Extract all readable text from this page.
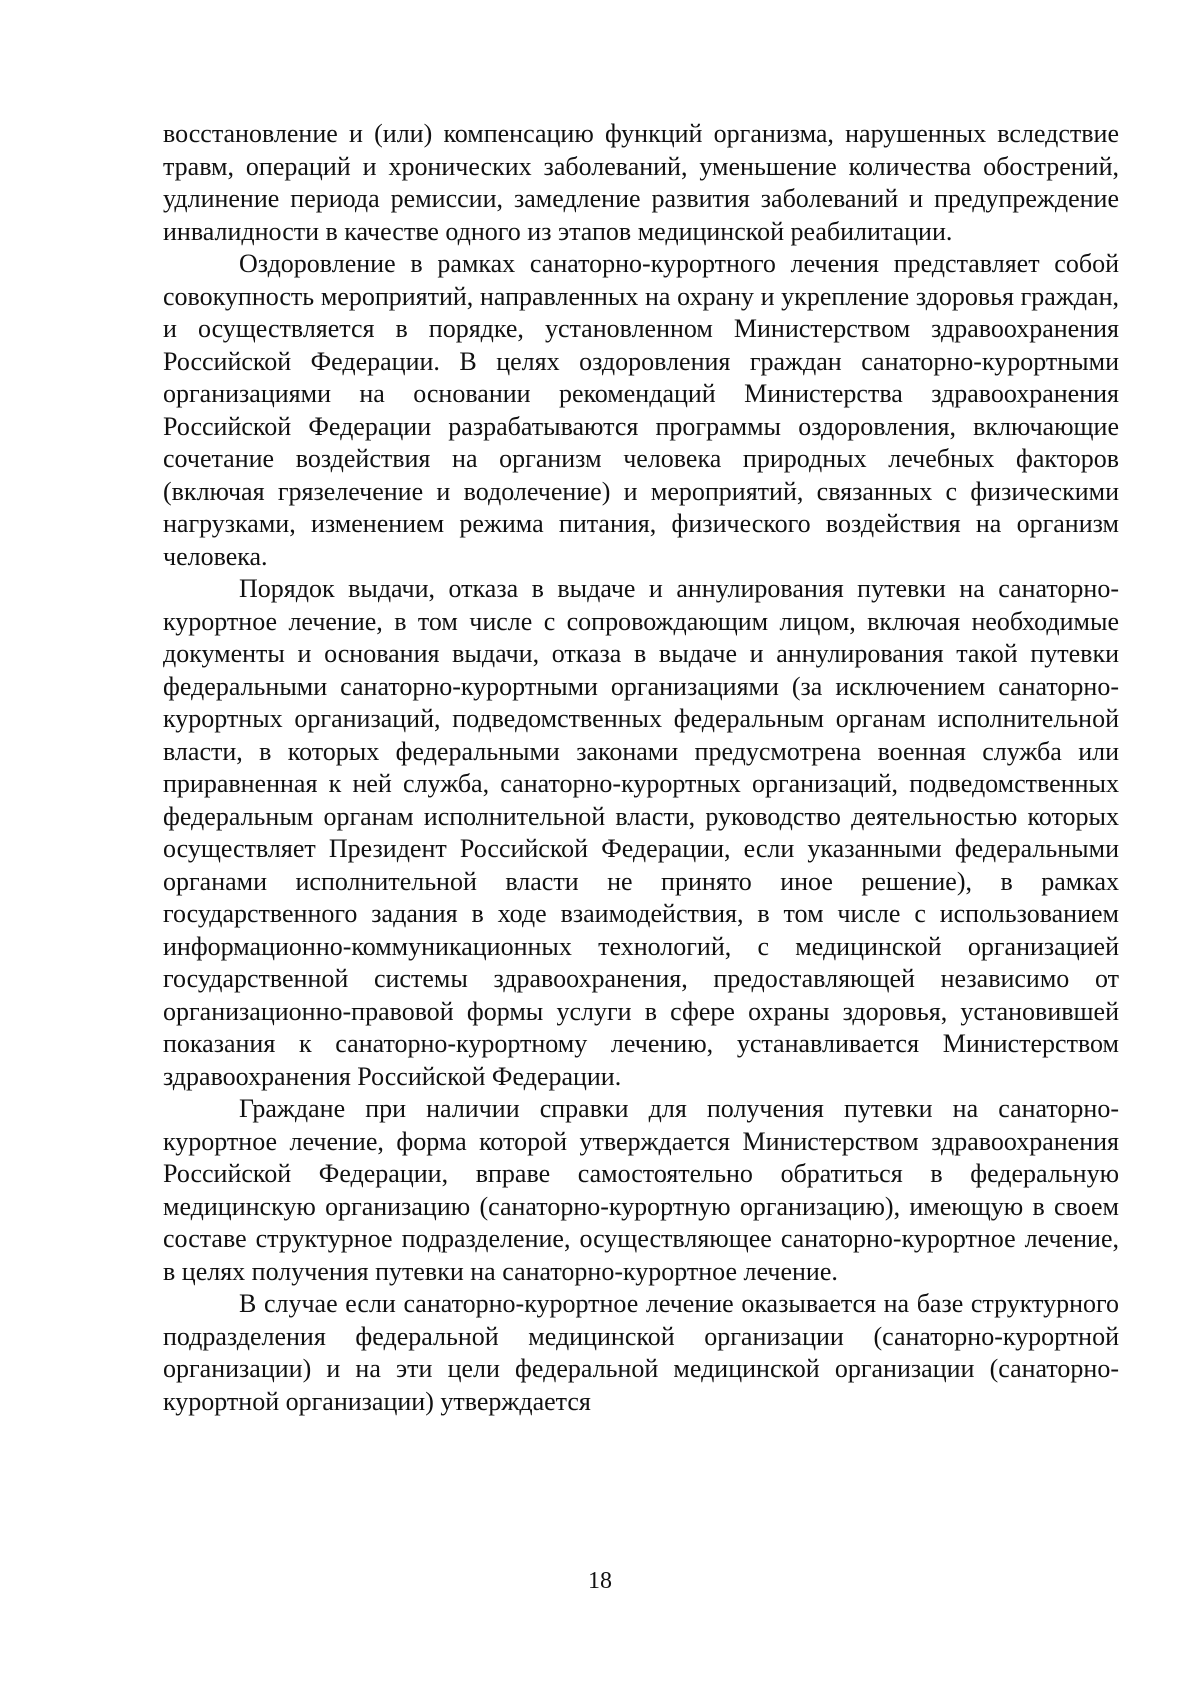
восстановление и (или) компенсацию функций организма, нарушенных вследствие травм, операций и хронических заболеваний, уменьшение количества обострений, удлинение периода ремиссии, замедление развития заболеваний и предупреждение инвалидности в качестве одного из этапов медицинской реабилитации.

Оздоровление в рамках санаторно-курортного лечения представляет собой совокупность мероприятий, направленных на охрану и укрепление здоровья граждан, и осуществляется в порядке, установленном Министерством здравоохранения Российской Федерации. В целях оздоровления граждан санаторно-курортными организациями на основании рекомендаций Министерства здравоохранения Российской Федерации разрабатываются программы оздоровления, включающие сочетание воздействия на организм человека природных лечебных факторов (включая грязелечение и водолечение) и мероприятий, связанных с физическими нагрузками, изменением режима питания, физического воздействия на организм человека.

Порядок выдачи, отказа в выдаче и аннулирования путевки на санаторно-курортное лечение, в том числе с сопровождающим лицом, включая необходимые документы и основания выдачи, отказа в выдаче и аннулирования такой путевки федеральными санаторно-курортными организациями (за исключением санаторно-курортных организаций, подведомственных федеральным органам исполнительной власти, в которых федеральными законами предусмотрена военная служба или приравненная к ней служба, санаторно-курортных организаций, подведомственных федеральным органам исполнительной власти, руководство деятельностью которых осуществляет Президент Российской Федерации, если указанными федеральными органами исполнительной власти не принято иное решение), в рамках государственного задания в ходе взаимодействия, в том числе с использованием информационно-коммуникационных технологий, с медицинской организацией государственной системы здравоохранения, предоставляющей независимо от организационно-правовой формы услуги в сфере охраны здоровья, установившей показания к санаторно-курортному лечению, устанавливается Министерством здравоохранения Российской Федерации.

Граждане при наличии справки для получения путевки на санаторно-курортное лечение, форма которой утверждается Министерством здравоохранения Российской Федерации, вправе самостоятельно обратиться в федеральную медицинскую организацию (санаторно-курортную организацию), имеющую в своем составе структурное подразделение, осуществляющее санаторно-курортное лечение, в целях получения путевки на санаторно-курортное лечение.

В случае если санаторно-курортное лечение оказывается на базе структурного подразделения федеральной медицинской организации (санаторно-курортной организации) и на эти цели федеральной медицинской организации (санаторно-курортной организации) утверждается

18
